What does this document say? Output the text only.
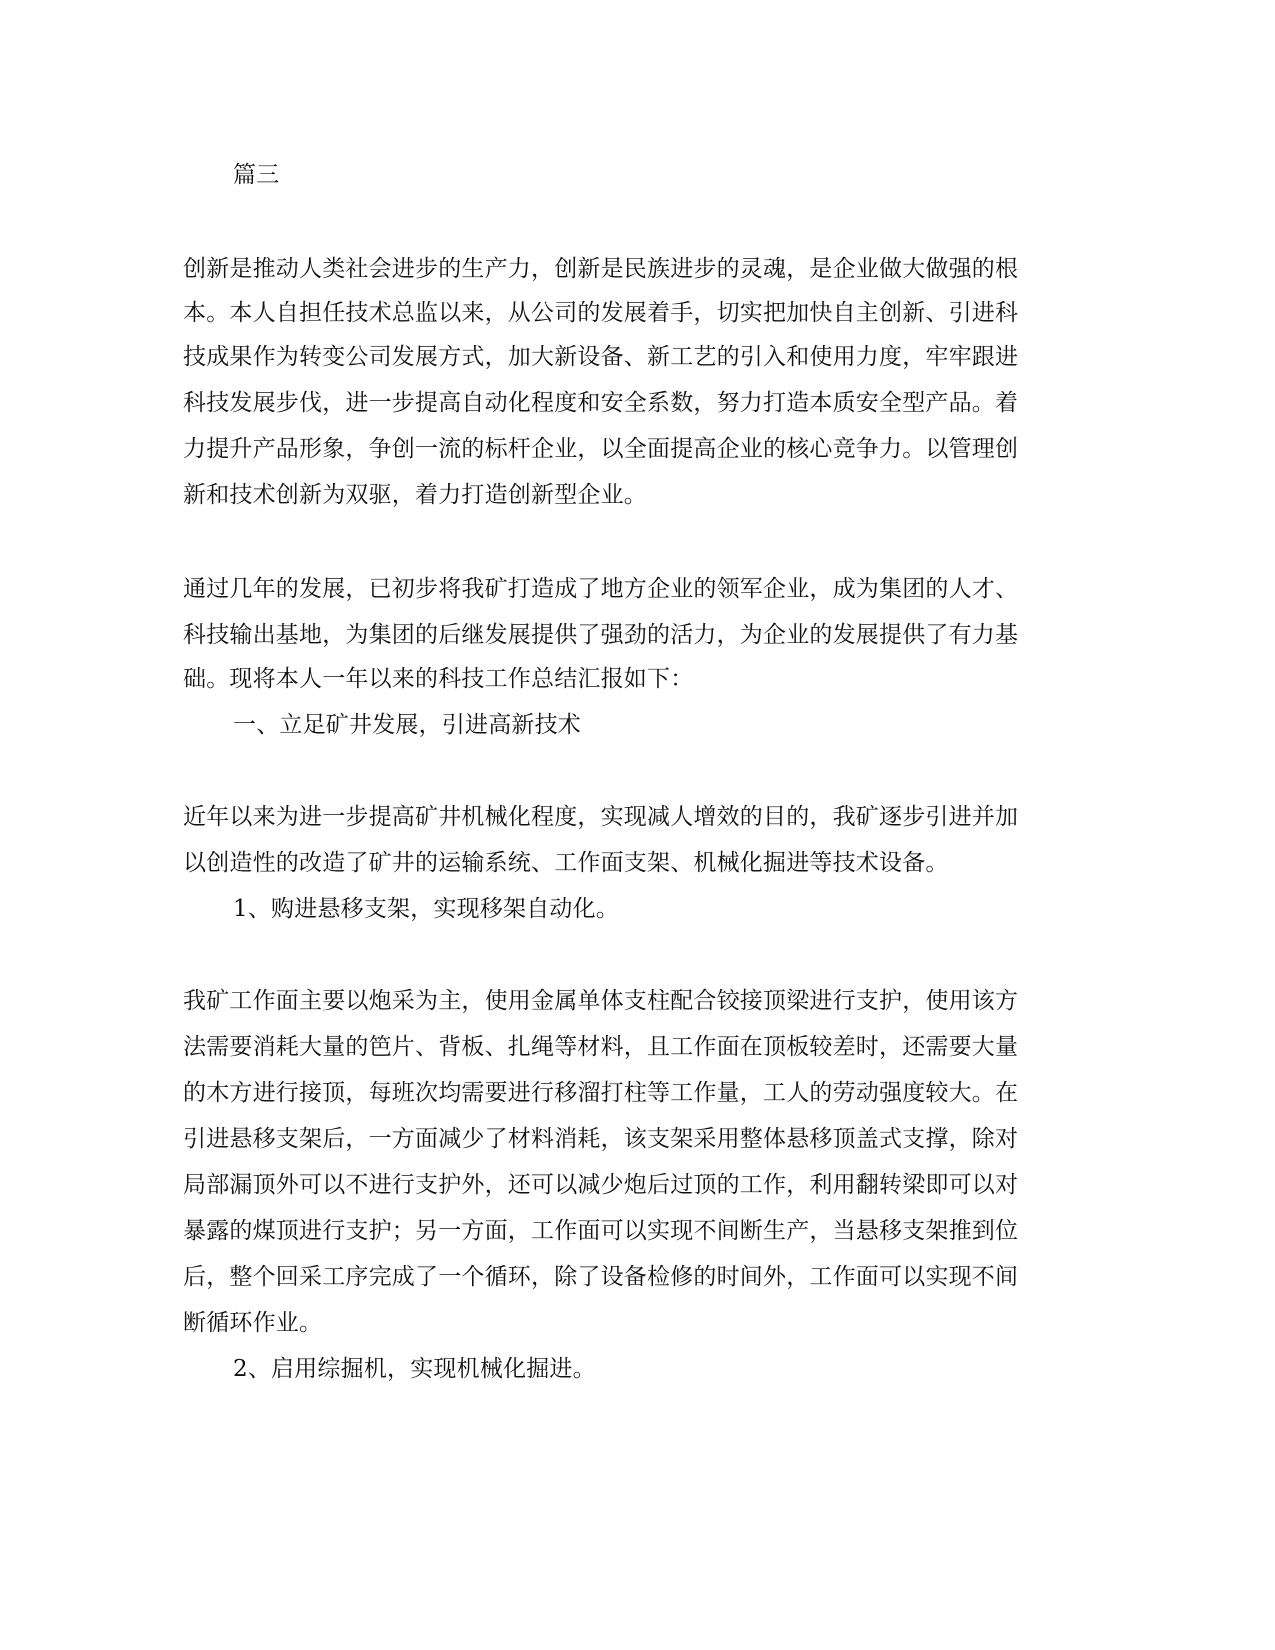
篇三

创新是推动人类社会进步的生产力，创新是民族进步的灵魂，是企业做大做强的根

本。本人自担任技术总监以来，从公司的发展着手，切实把加快自主创新、引进科

技成果作为转变公司发展方式，加大新设备、新工艺的引入和使用力度，牢牢跟进

科技发展步伐，进一步提高自动化程度和安全系数，努力打造本质安全型产品。着

力提升产品形象，争创一流的标杆企业，以全面提高企业的核心竞争力。以管理创

新和技术创新为双驱，着力打造创新型企业。

通过几年的发展，已初步将我矿打造成了地方企业的领军企业，成为集团的人才、

科技输出基地，为集团的后继发展提供了强劲的活力，为企业的发展提供了有力基

础。现将本人一年以来的科技工作总结汇报如下：

一、立足矿井发展，引进高新技术

近年以来为进一步提高矿井机械化程度，实现减人增效的目的，我矿逐步引进并加

以创造性的改造了矿井的运输系统、工作面支架、机械化掘进等技术设备。

1、购进悬移支架，实现移架自动化。

我矿工作面主要以炮采为主，使用金属单体支柱配合铰接顶梁进行支护，使用该方

法需要消耗大量的笆片、背板、扎绳等材料，且工作面在顶板较差时，还需要大量

的木方进行接顶，每班次均需要进行移溜打柱等工作量，工人的劳动强度较大。在

引进悬移支架后，一方面减少了材料消耗，该支架采用整体悬移顶盖式支撑，除对

局部漏顶外可以不进行支护外，还可以减少炮后过顶的工作，利用翻转梁即可以对

暴露的煤顶进行支护；另一方面，工作面可以实现不间断生产，当悬移支架推到位

后，整个回采工序完成了一个循环，除了设备检修的时间外，工作面可以实现不间

断循环作业。

2、启用综掘机，实现机械化掘进。
